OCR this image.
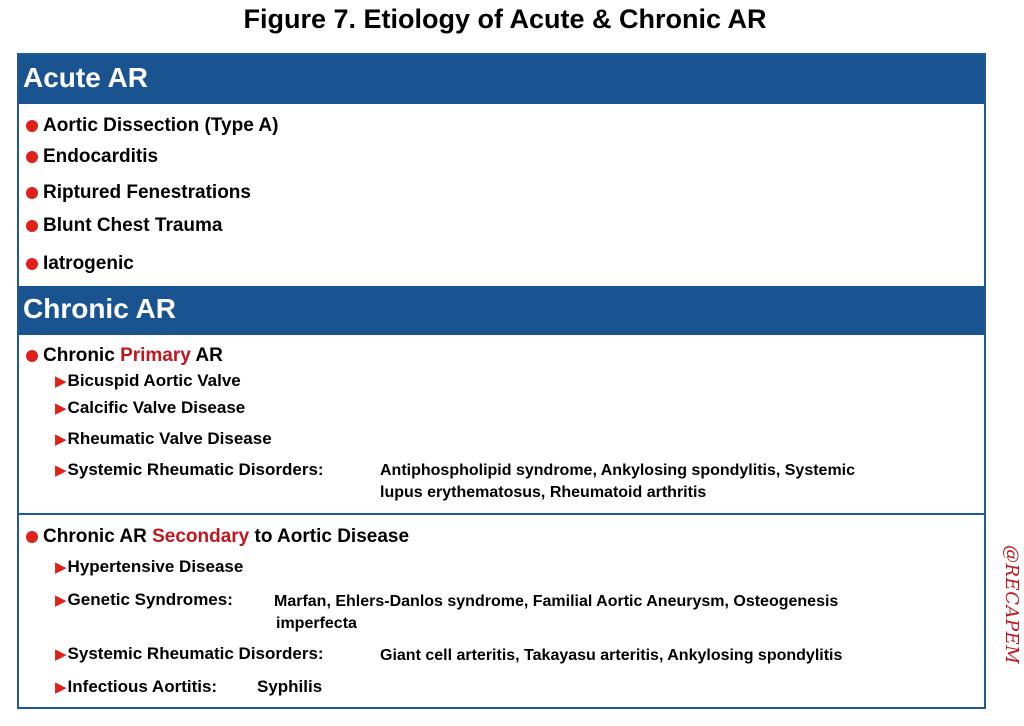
Figure 7. Etiology of Acute & Chronic AR
Acute AR
Aortic Dissection (Type A)
Endocarditis
Riptured Fenestrations
Blunt Chest Trauma
Iatrogenic
Chronic AR
Chronic Primary AR
▶Bicuspid Aortic Valve
▶Calcific Valve Disease
▶Rheumatic Valve Disease
▶Systemic Rheumatic Disorders:	Antiphospholipid syndrome, Ankylosing spondylitis, Systemic
lupus erythematosus, Rheumatoid arthritis
Chronic AR Secondary to Aortic Disease
▶Hypertensive Disease
▶Genetic Syndromes:	Marfan, Ehlers-Danlos syndrome, Familial Aortic Aneurysm, Osteogenesis
imperfecta
▶Systemic Rheumatic Disorders:	Giant cell arteritis, Takayasu arteritis, Ankylosing spondylitis
▶Infectious Aortitis: Syphilis
@RECAPEM
